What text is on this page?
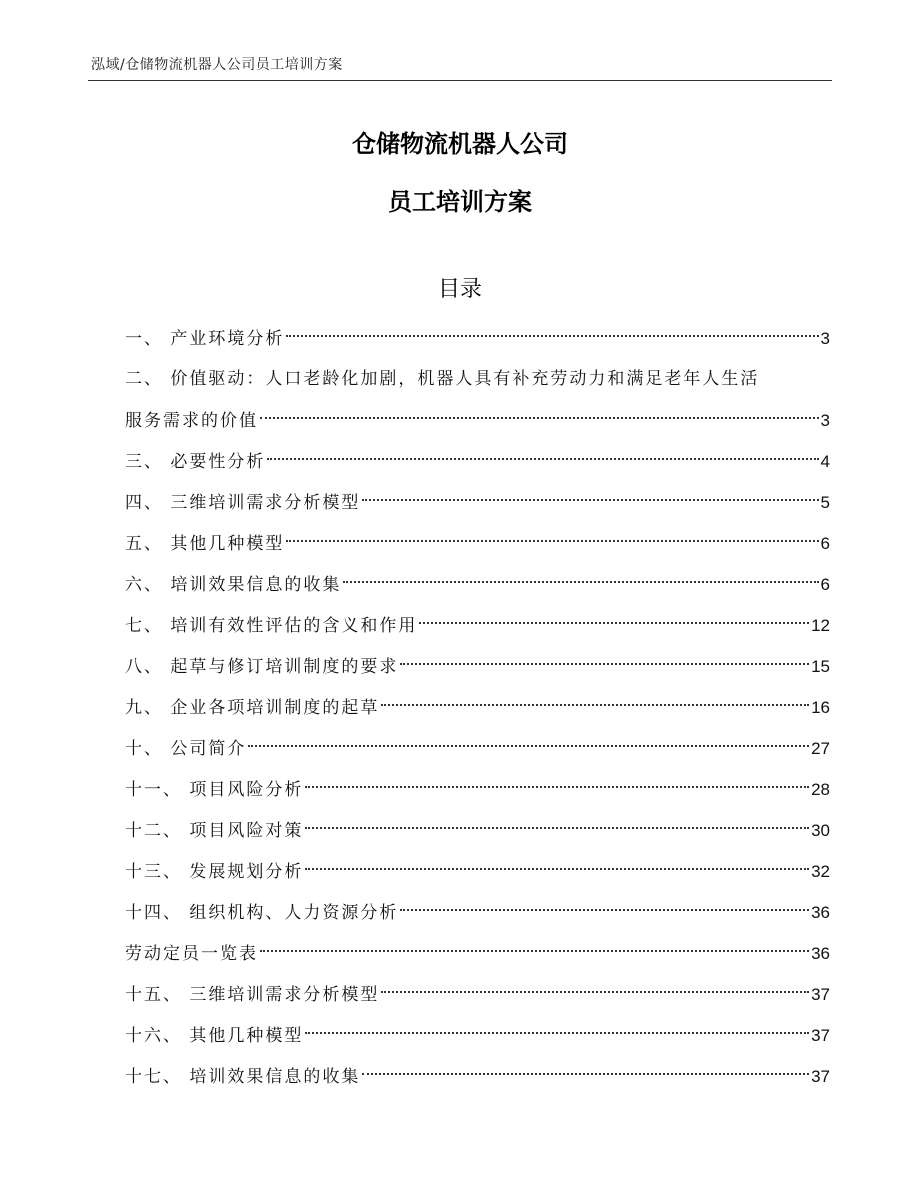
泓域/仓储物流机器人公司员工培训方案
仓储物流机器人公司
员工培训方案
目录
一、 产业环境分析	3
二、 价值驱动：人口老龄化加剧，机器人具有补充劳动力和满足老年人生活
服务需求的价值	3
三、 必要性分析	4
四、 三维培训需求分析模型	5
五、 其他几种模型	6
六、 培训效果信息的收集	6
七、 培训有效性评估的含义和作用	12
八、 起草与修订培训制度的要求	15
九、 企业各项培训制度的起草	16
十、 公司简介	27
十一、 项目风险分析	28
十二、 项目风险对策	30
十三、 发展规划分析	32
十四、 组织机构、人力资源分析	36
劳动定员一览表	36
十五、 三维培训需求分析模型	37
十六、 其他几种模型	37
十七、 培训效果信息的收集	37
